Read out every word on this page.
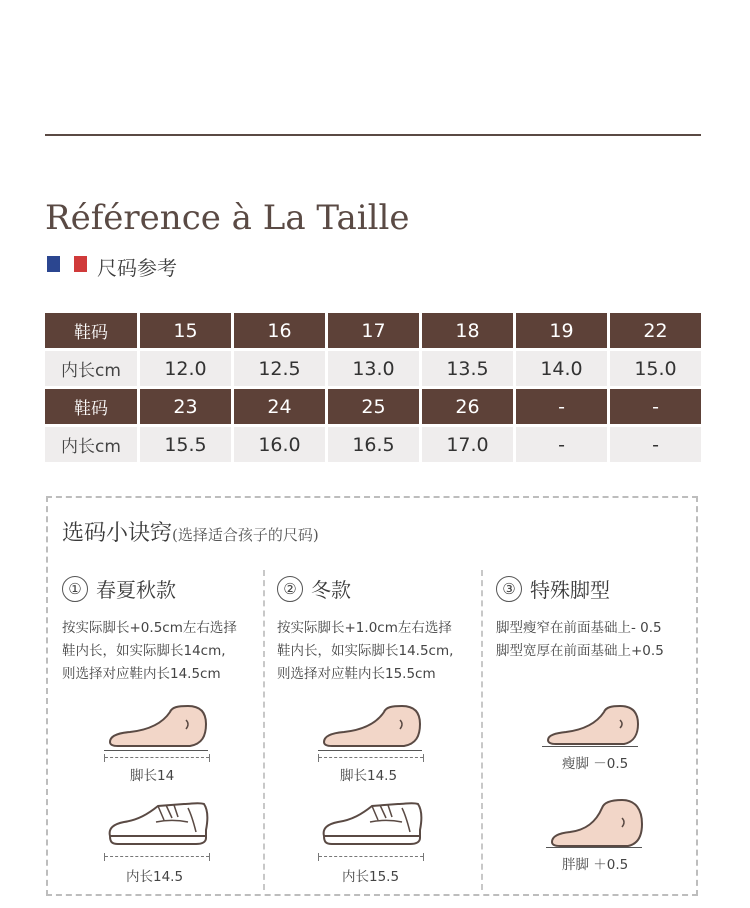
Référence à La Taille
尺码参考
鞋码	15	16	17	18	19	22
内长cm	12.0	12.5	13.0	13.5	14.0	15.0
鞋码	23	24	25	26	-	-
内长cm	15.5	16.0	16.5	17.0	-	-
选码小诀窍(选择适合孩子的尺码)
① 春夏秋款
按实际脚长+0.5cm左右选择
鞋内长，如实际脚长14cm,
则选择对应鞋内长14.5cm
② 冬款
按实际脚长+1.0cm左右选择
鞋内长，如实际脚长14.5cm,
则选择对应鞋内长15.5cm
③ 特殊脚型
脚型瘦窄在前面基础上- 0.5
脚型宽厚在前面基础上+0.5
脚长14
内长14.5
脚长14.5
内长15.5
瘦脚 －0.5
胖脚 ＋0.5
